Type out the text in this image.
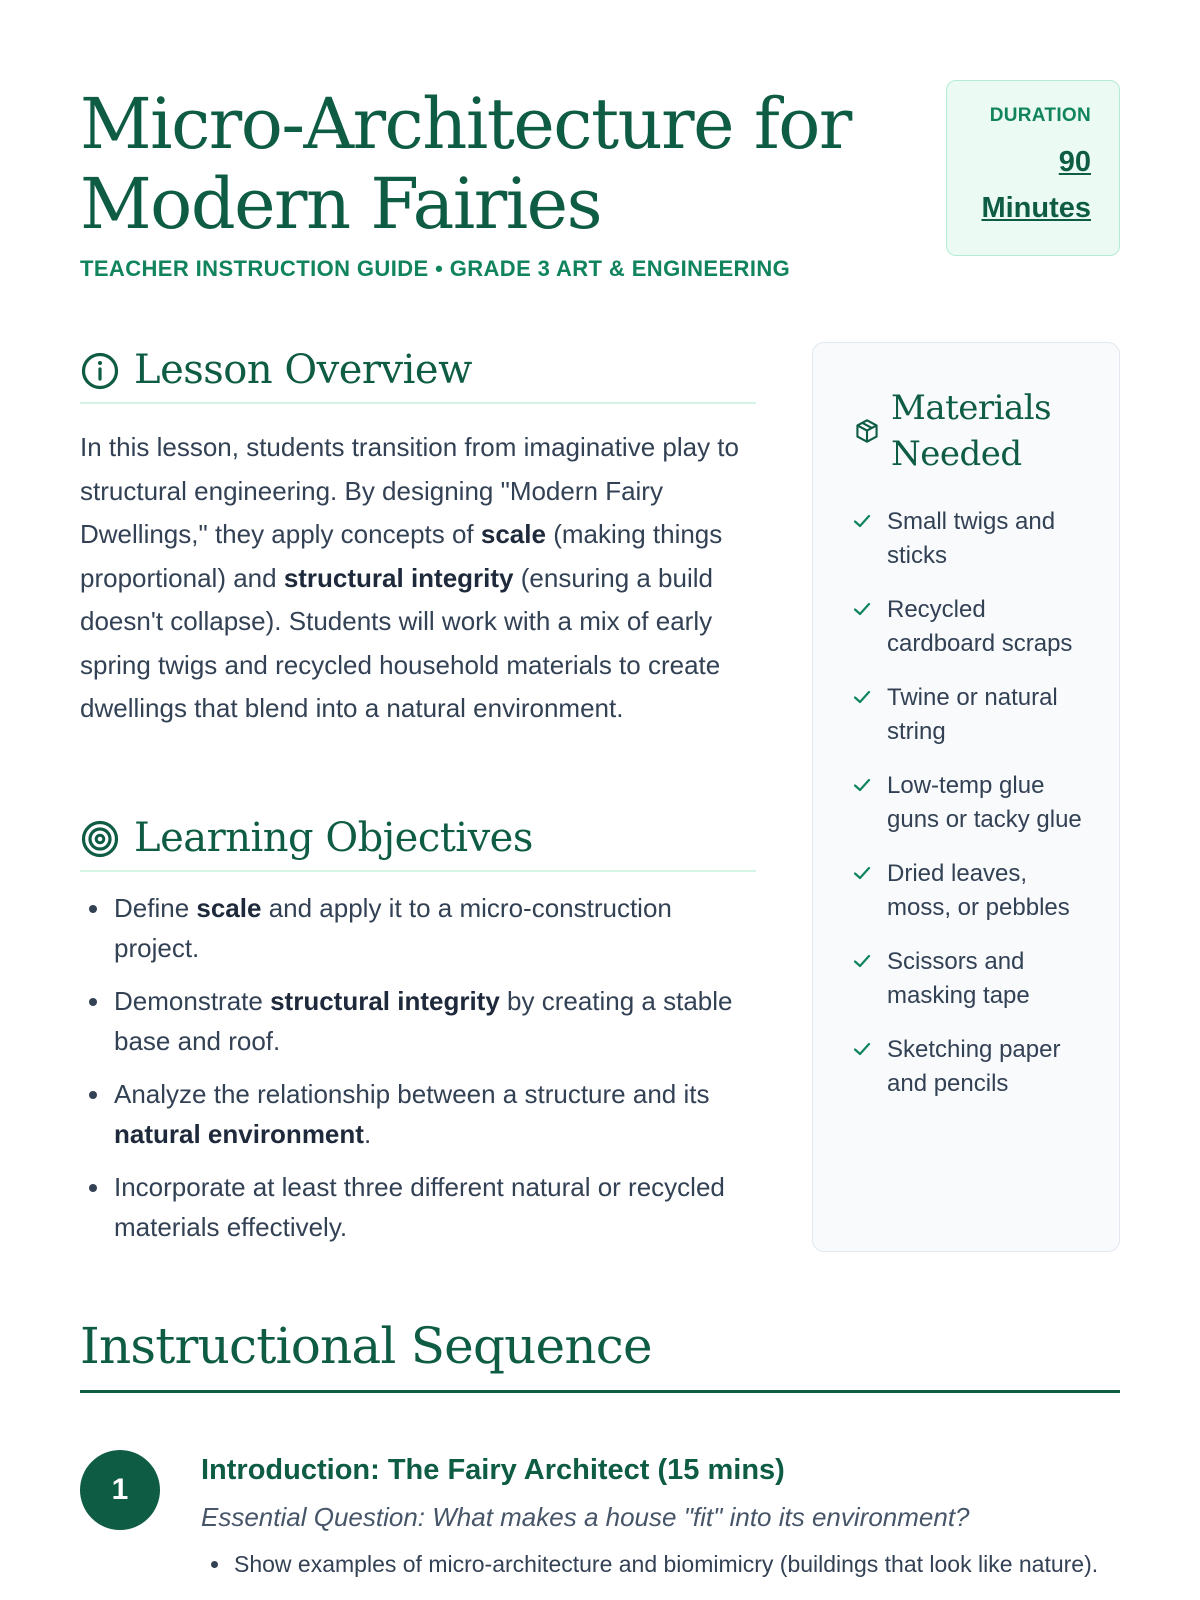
Micro-Architecture for
Modern Fairies

TEACHER INSTRUCTION GUIDE • GRADE 3 ART & ENGINEERING

DURATION
90 Minutes
Lesson Overview

In this lesson, students transition from imaginative play to structural engineering. By designing "Modern Fairy Dwellings," they apply concepts of scale (making things proportional) and structural integrity (ensuring a build doesn't collapse). Students will work with a mix of early spring twigs and recycled household materials to create dwellings that blend into a natural environment.

Learning Objectives
Define scale and apply it to a micro-construction project.
Demonstrate structural integrity by creating a stable base and roof.
Analyze the relationship between a structure and its natural environment.
Incorporate at least three different natural or recycled materials effectively.
Materials Needed
Small twigs and sticks
Recycled cardboard scraps
Twine or natural string
Low-temp glue guns or tacky glue
Dried leaves, moss, or pebbles
Scissors and masking tape
Sketching paper and pencils
Instructional Sequence
1
Introduction: The Fairy Architect (15 mins)

Essential Question: What makes a house "fit" into its environment?

Show examples of micro-architecture and biomimicry (buildings that look like nature).
